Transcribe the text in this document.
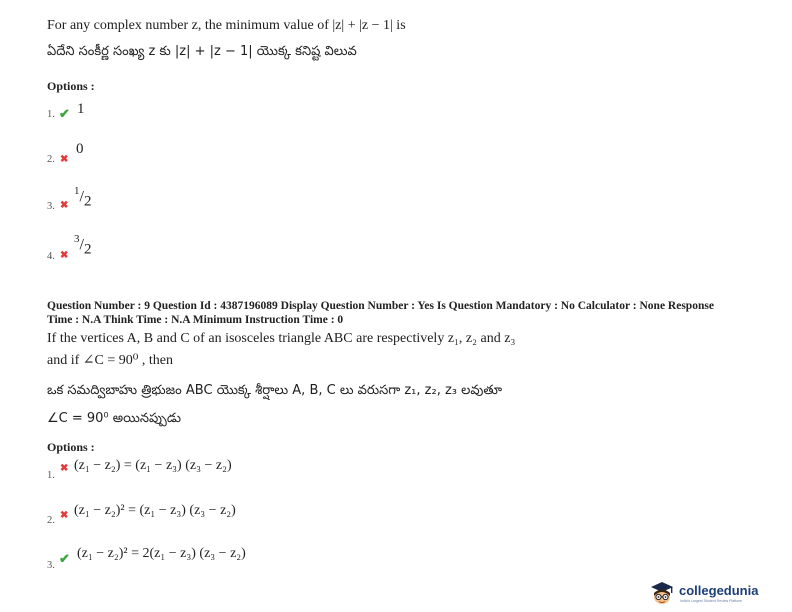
For any complex number z, the minimum value of |z| + |z − 1| is
ఏదేని సంకీర్ణ సంఖ్య z కు |z| + |z − 1| యొక్క కనిష్ట విలువ
Options :
1. ✔ 1
2. ✖
0
3. ✖
$^1/_2$
4. ✖
$^3/_2$
Question Number : 9 Question Id : 4387196089 Display Question Number : Yes Is Question Mandatory : No Calculator : None Response
Time : N.A Think Time : N.A Minimum Instruction Time : 0
If the vertices A, B and C of an isosceles triangle ABC are respectively z₁, z₂ and z₃
and if ∠C = 90⁰ , then
ఒక సమద్విబాహు త్రిభుజం ABC యొక్క శీర్షాలు A, B, C లు వరుసగా z₁, z₂, z₃ లవుతూ
∠C = 90⁰ అయినప్పుడు
Options :
1.
✖ (z₁ − z₂) = (z₁ − z₃) (z₃ − z₂)
2. ✖ (z₁ − z₂)² = (z₁ − z₃) (z₃ − z₂)
3. ✔ (z₁ − z₂)² = 2(z₁ − z₃) (z₃ − z₂)
collegedunia
India's Largest Student Review Platform
